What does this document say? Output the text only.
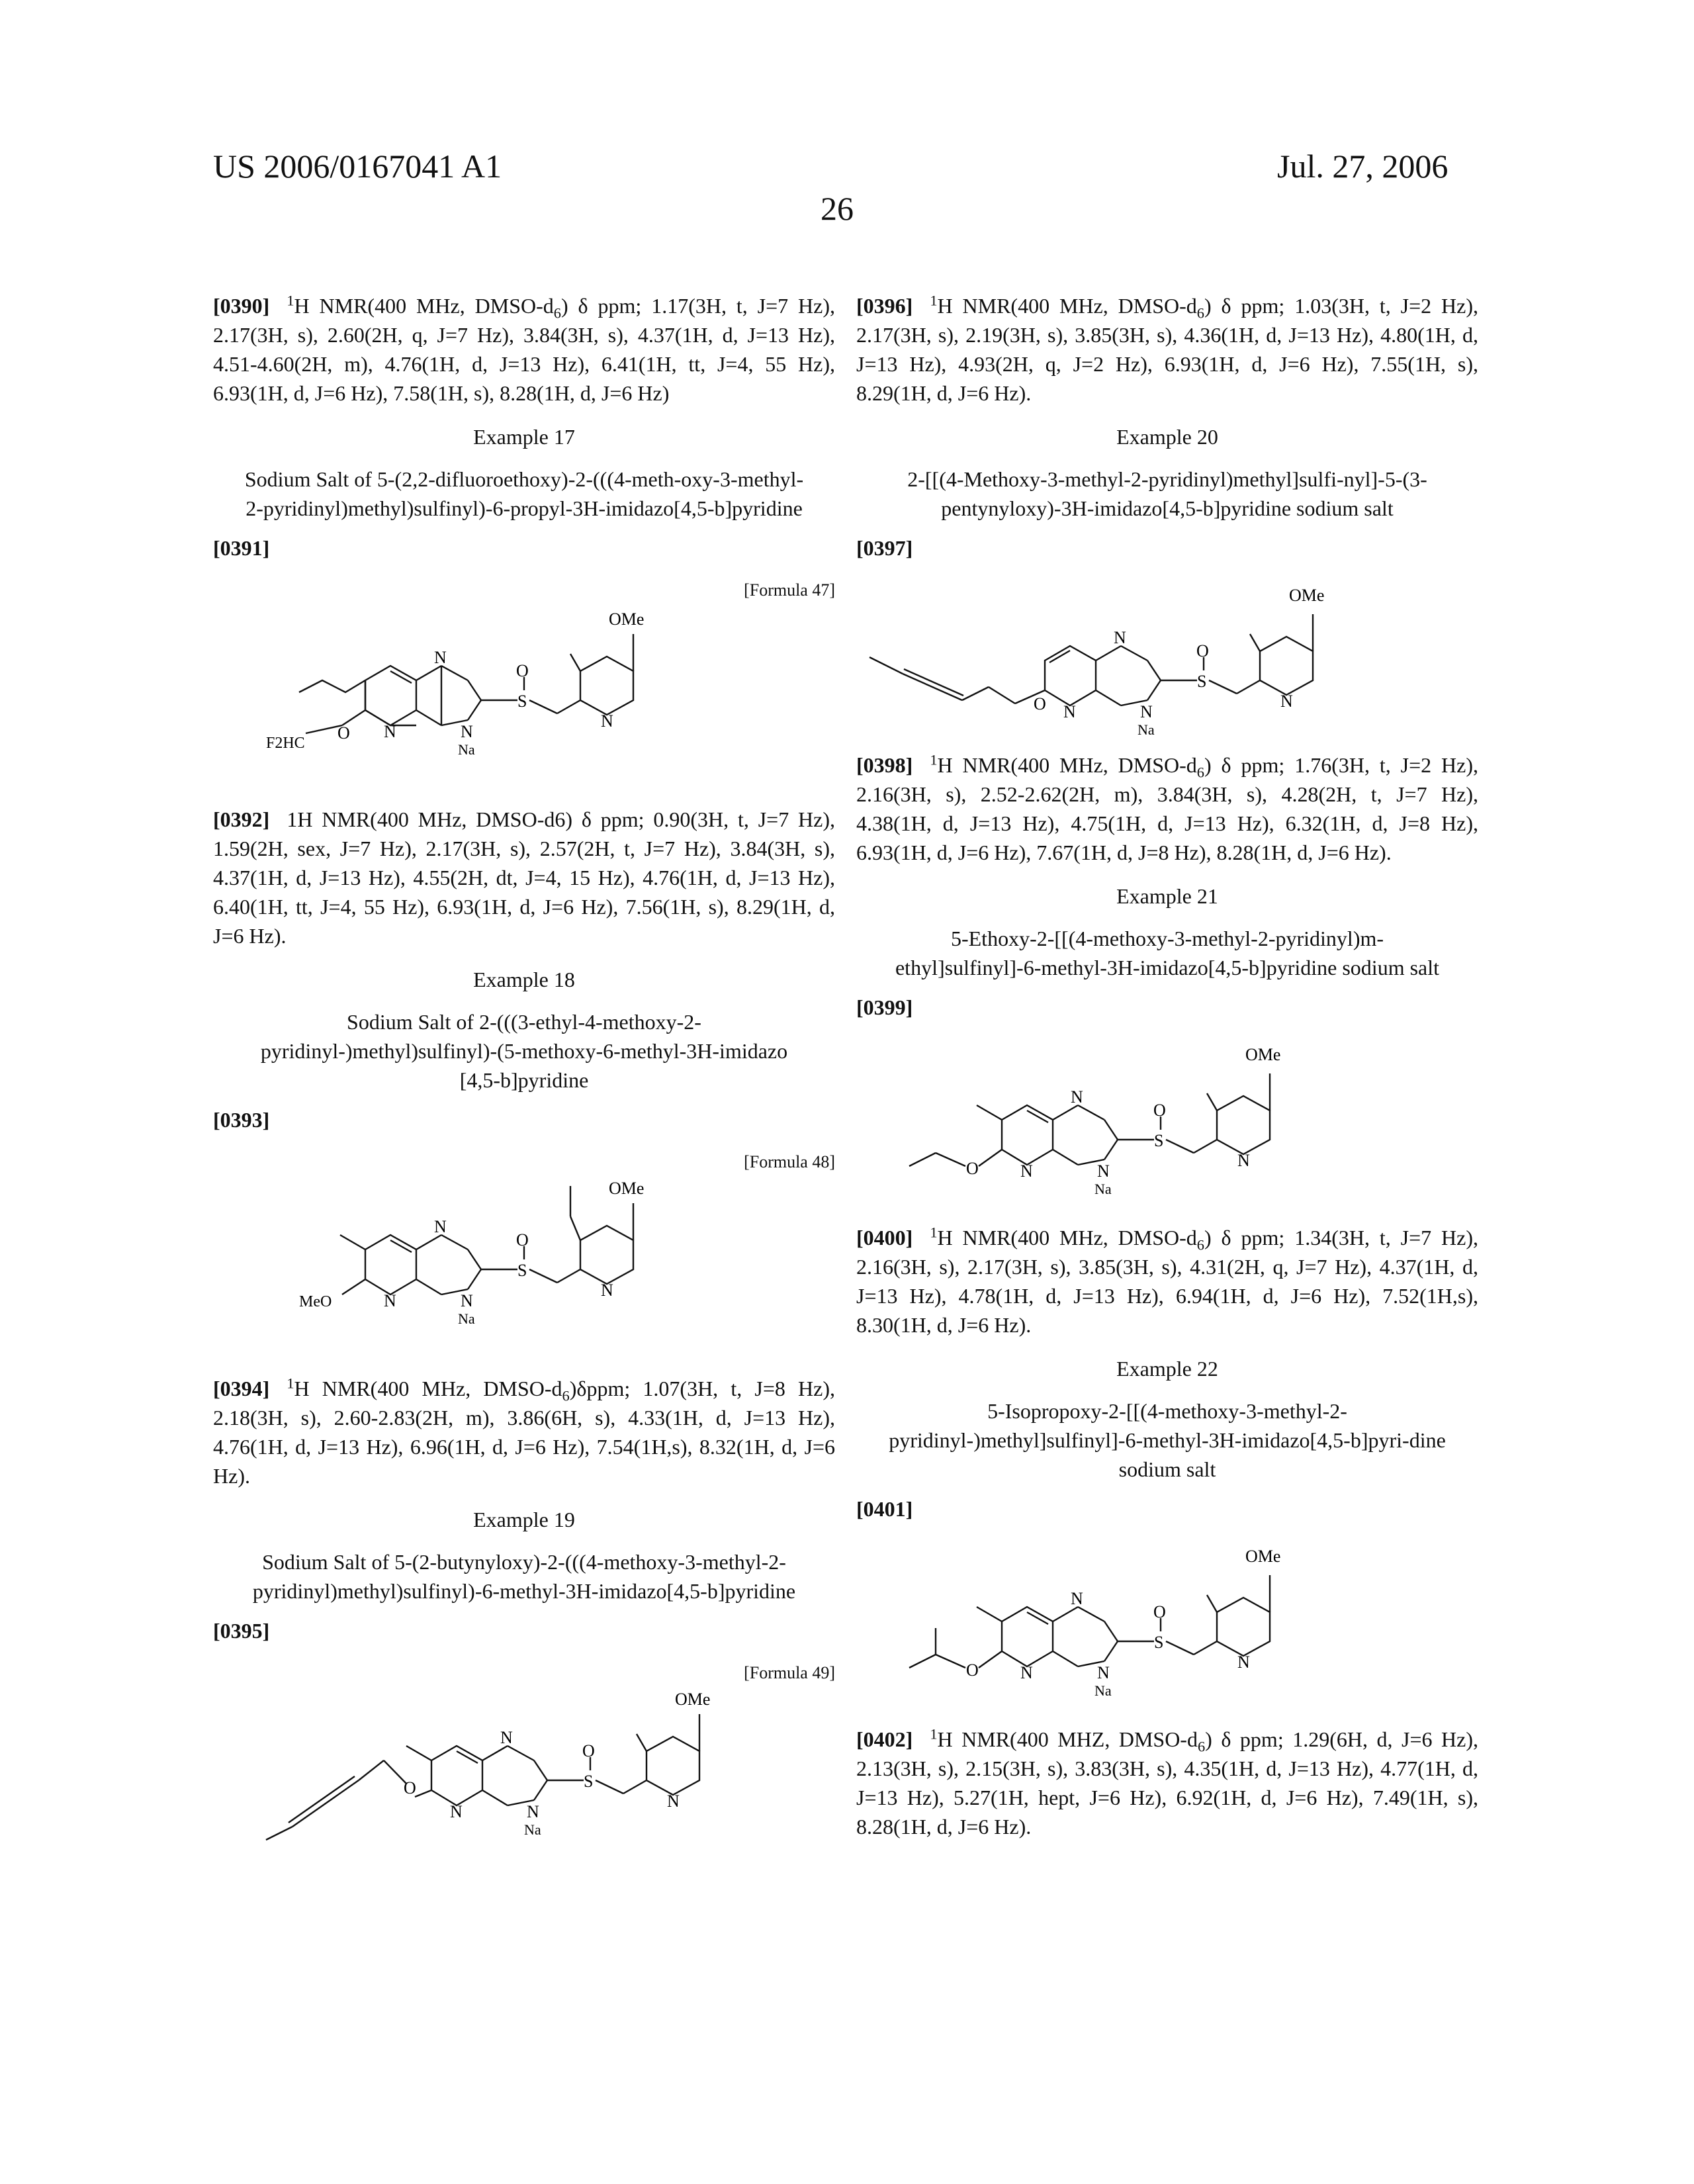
US 2006/0167041 A1	Jul. 27, 2006
26

[0390] $^1$H NMR(400 MHz, DMSO-$d_6$) δ ppm; 1.17(3H, t, J=7 Hz), 2.17(3H, s), 2.60(2H, q, J=7 Hz), 3.84(3H, s), 4.37(1H, d, J=13 Hz), 4.51-4.60(2H, m), 4.76(1H, d, J=13 Hz), 6.41(1H, tt, J=4, 55 Hz), 6.93(1H, d, J=6 Hz), 7.58(1H, s), 8.28(1H, d, J=6 Hz)

Example 17

Sodium Salt of 5-(2,2-difluoroethoxy)-2-(((4-meth-oxy-3-methyl-2-pyridinyl)methyl)sulfinyl)-6-propyl-3H-imidazo[4,5-b]pyridine

[0391]

[Formula 47]

OMe
N
O
S
N
N	N
Na
O
F2HC

[0392] 1H NMR(400 MHz, DMSO-d6) δ ppm; 0.90(3H, t, J=7 Hz), 1.59(2H, sex, J=7 Hz), 2.17(3H, s), 2.57(2H, t, J=7 Hz), 3.84(3H, s), 4.37(1H, d, J=13 Hz), 4.55(2H, dt, J=4, 15 Hz), 4.76(1H, d, J=13 Hz), 6.40(1H, tt, J=4, 55 Hz), 6.93(1H, d, J=6 Hz), 7.56(1H, s), 8.29(1H, d, J=6 Hz).

Example 18

Sodium Salt of 2-(((3-ethyl-4-methoxy-2-pyridinyl-)methyl)sulfinyl)-(5-methoxy-6-methyl-3H-imidazo [4,5-b]pyridine

[0393]

[Formula 48]

OMe
N
O
S
N
N	N
Na
MeO

[0394] $^1$H NMR(400 MHz, DMSO-$d_6)\delta ppm$; 1.07(3H, t, J=8 Hz), 2.18(3H, s), 2.60-2.83(2H, m), 3.86(6H, s), 4.33(1H, d, J=13 Hz), 4.76(1H, d, J=13 Hz), 6.96(1H, d, J=6 Hz), 7.54(1H,s), 8.32(1H, d, J=6 Hz).

Example 19

Sodium Salt of 5-(2-butynyloxy)-2-(((4-methoxy-3-methyl-2-pyridinyl)methyl)sulfinyl)-6-methyl-3H-imidazo[4,5-b]pyridine

[0395]

[Formula 49]

OMe
N
O
S
N
N	N
Na
O

[0396] $^1$H NMR(400 MHz, DMSO-$d_6$) δ ppm; 1.03(3H, t, J=2 Hz), 2.17(3H, s), 2.19(3H, s), 3.85(3H, s), 4.36(1H, d, J=13 Hz), 4.80(1H, d, J=13 Hz), 4.93(2H, q, J=2 Hz), 6.93(1H, d, J=6 Hz), 7.55(1H, s), 8.29(1H, d, J=6 Hz).

Example 20

2-[[(4-Methoxy-3-methyl-2-pyridinyl)methyl]sulfi-nyl]-5-(3-pentynyloxy)-3H-imidazo[4,5-b]pyridine sodium salt

[0397]

OMe
N
O
S
N
N	N
Na
O

[0398] $^1$H NMR(400 MHz, DMSO-$d_6$) δ ppm; 1.76(3H, t, J=2 Hz), 2.16(3H, s), 2.52-2.62(2H, m), 3.84(3H, s), 4.28(2H, t, J=7 Hz), 4.38(1H, d, J=13 Hz), 4.75(1H, d, J=13 Hz), 6.32(1H, d, J=8 Hz), 6.93(1H, d, J=6 Hz), 7.67(1H, d, J=8 Hz), 8.28(1H, d, J=6 Hz).

Example 21

5-Ethoxy-2-[[(4-methoxy-3-methyl-2-pyridinyl)m-ethyl]sulfinyl]-6-methyl-3H-imidazo[4,5-b]pyridine sodium salt

[0399]

OMe
N
O
S
N
N	N
Na
O

[0400] $^1$H NMR(400 MHz, DMSO-$d_6$) δ ppm; 1.34(3H, t, J=7 Hz), 2.16(3H, s), 2.17(3H, s), 3.85(3H, s), 4.31(2H, q, J=7 Hz), 4.37(1H, d, J=13 Hz), 4.78(1H, d, J=13 Hz), 6.94(1H, d, J=6 Hz), 7.52(1H,s), 8.30(1H, d, J=6 Hz).

Example 22

5-Isopropoxy-2-[[(4-methoxy-3-methyl-2-pyridinyl-)methyl]sulfinyl]-6-methyl-3H-imidazo[4,5-b]pyri-dine sodium salt

[0401]

OMe
N
O
S
N
N	N
Na
O

[0402] $^1$H NMR(400 MHZ, DMSO-$d_6$) δ ppm; 1.29(6H, d, J=6 Hz), 2.13(3H, s), 2.15(3H, s), 3.83(3H, s), 4.35(1H, d, J=13 Hz), 4.77(1H, d, J=13 Hz), 5.27(1H, hept, J=6 Hz), 6.92(1H, d, J=6 Hz), 7.49(1H, s), 8.28(1H, d, J=6 Hz).
